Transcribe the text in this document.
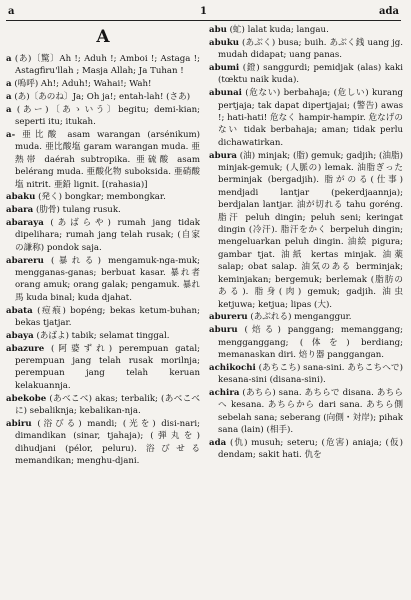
a	1	ada
A
a (あ)〔驚〕Ah !; Aduh !; Amboi !; Astaga !; Astagfiru'llah ; Masja Allah; Ja Tuhan !
a (嗚呼) Ah!; Aduh!; Wahai!; Wah!
a (あ)〔あのね〕Ja; Oh ja!; entah-lah! (さあ)
a (あー)〔あゝいう〕begitu; demi-kian; seperti itu; itukah.
a- 亜比酸 asam warangan (arsénikum) muda. 亜比酸塩 garam warangan muda. 亜熱帯 daérah subtropika. 亜硫酸 asam belérang muda. 亜酸化物 suboksida. 亜硝酸塩 nitrit. 亜鉛 lignit. [(rahasia)]
abaku (発く) bongkar; membongkar.
abara (肋骨) tulang rusuk.
abaraya (あばらや) rumah jang tidak dipelihara; rumah jang telah rusak; (自家の謙称) pondok saja.
abareru (暴れる) mengamuk-nga-muk; mengganas-ganas; berbuat kasar. 暴れ者 orang amuk; orang galak; pengamuk. 暴れ馬 kuda binal; kuda djahat.
abata (痘痕) bopéng; bekas ketum-buhan; bekas tjatjar.
abaya (あばよ) tabik; selamat tinggal.
abazure (阿婆ずれ) perempuan gatal; perempuan jang telah rusak morilnja; perempuan jang telah keruan kelakuannja.
abekobe (あべこべ) akas; terbalik; (あべこべに) sebaliknja; kebalikan-nja.
abiru (浴びる) mandi; (光を) disi-nari; dimandikan (sinar, tjahaja); (弾丸を) dihudjani (pélor, peluru). 浴びせる memandikan; menghu-djani.
abu (虻) lalat kuda; langau.
abuku (あぶく) busa; buih. あぶく銭 uang jg. mudah didapat; uang panas.
abumi (鐙) sanggurdi; pemidjak (alas) kaki (tœktu naik kuda).
abunai (危ない) berbahaja; (危しい) kurang pertjaja; tak dapat dipertjajai; (警告) awas !; hati-hati! 危なく hampir-hampir. 危なげのない tidak berbahaja; aman; tidak perlu dichawatirkan.
abura (油) minjak; (脂) gemuk; gadjih; (油脂) minjak-gemuk; (人脈の) lemak. 油脂ぎった berminjak (bergadjih). 脂がのる(仕事) mendjadi lantjar (pekerdjaannja); berdjalan lantjar. 油が切れる tahu goréng. 脂汗 peluh dingin; peluh seni; keringat dingin (冷汗). 脂汗をかく berpeluh dingin; mengeluarkan peluh dingin. 油絵 pigura; gambar tjat. 油紙 kertas minjak. 油薬 salap; obat salap. 油気のある berminjak; keminjakan; bergemuk; berlemak (脂肪のある). 脂身(肉) gemuk; gadjih. 油虫 ketjuwa; ketjua; lipas (大).
abureru (あぶれる) menganggur.
aburu (焙る) panggang; memanggang; mengganggang; (体を) berdiang; memanaskan diri. 焙り器 panggangan.
achikochi (あちこち) sana-sini. あちこちへで) kesana-sini (disana-sini).
achira (あちら) sana. あちらで disana. あちらへ kesana. あちらから dari sana. あちら側 sebelah sana; seberang (向側・対岸); pihak sana (lain) (相手).
ada (仇) musuh; seteru; (危害) aniaja; (仮) dendam; sakit hati. 仇を
